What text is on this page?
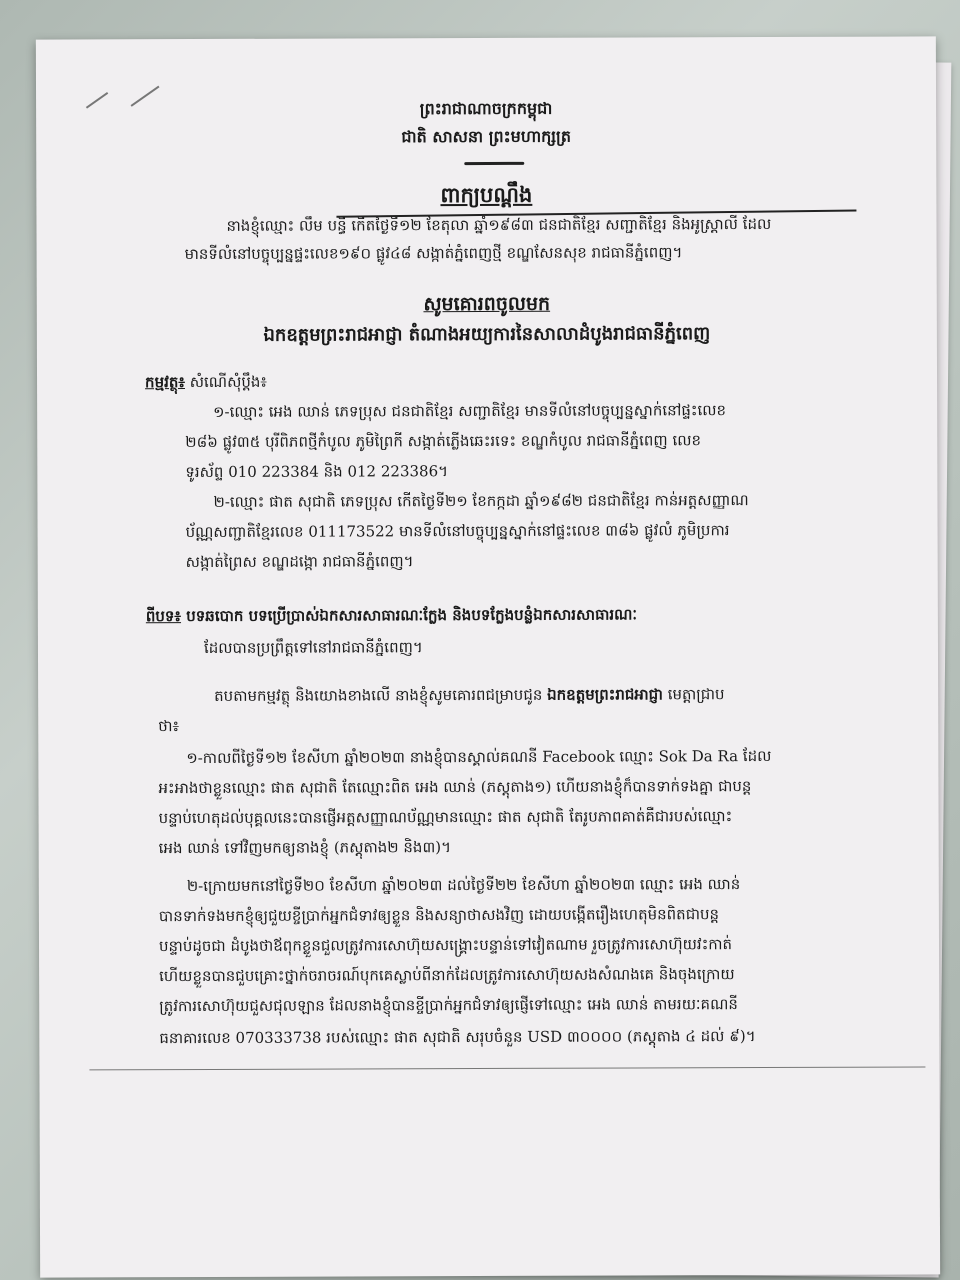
ព្រះរាជាណាចក្រកម្ពុជា
ជាតិ សាសនា ព្រះមហាក្សត្រ
ពាក្យបណ្ដឹង
នាងខ្ញុំឈ្មោះ លឹម បន្ធី កើតថ្ងៃទី១២ ខែតុលា ឆ្នាំ១៩៨៣ ជនជាតិខ្មែរ សញ្ជាតិខ្មែរ និងអូស្ត្រាលី ដែល
មានទីលំនៅបច្ចុប្បន្នផ្ទះលេខ១៩០ ផ្លូវ៤៨ សង្កាត់ភ្នំពេញថ្មី ខណ្ឌសែនសុខ រាជធានីភ្នំពេញ។
សូមគោរពចូលមក
ឯកឧត្តមព្រះរាជអាជ្ញា តំណាងអយ្យការនៃសាលាដំបូងរាជធានីភ្នំពេញ
កម្មវត្ថុ៖ សំណើសុំប្ដឹង៖
១-ឈ្មោះ អេង ឈាន់ ភេទប្រុស ជនជាតិខ្មែរ សញ្ជាតិខ្មែរ មានទីលំនៅបច្ចុប្បន្នស្នាក់នៅផ្ទះលេខ
២៨៦ ផ្លូវ៣៥ បុរីពិភពថ្មីកំបូល ភូមិព្រៃកី សង្កាត់ភ្លើងឆេះរទេះ ខណ្ឌកំបូល រាជធានីភ្នំពេញ លេខ
ទូរស័ព្ទ 010 223384 និង 012 223386។
២-ឈ្មោះ ផាត សុជាតិ ភេទប្រុស កើតថ្ងៃទី២១ ខែកក្កដា ឆ្នាំ១៩៨២ ជនជាតិខ្មែរ កាន់អត្តសញ្ញាណ
ប័ណ្ណសញ្ជាតិខ្មែរលេខ 011173522 មានទីលំនៅបច្ចុប្បន្នស្នាក់នៅផ្ទះលេខ ៣៨៦ ផ្លូវលំ ភូមិប្រការ
សង្កាត់ព្រៃស ខណ្ឌដង្កោ រាជធានីភ្នំពេញ។
ពីបទ៖ បទឆបោក បទប្រើប្រាស់ឯកសារសាធារណៈក្លែង និងបទក្លែងបន្លំឯកសារសាធារណៈ
ដែលបានប្រព្រឹត្តទៅនៅរាជធានីភ្នំពេញ។
តបតាមកម្មវត្ថុ និងយោងខាងលើ នាងខ្ញុំសូមគោរពជម្រាបជូន ឯកឧត្តមព្រះរាជអាជ្ញា មេត្តាជ្រាប
ថា៖
១-កាលពីថ្ងៃទី១២ ខែសីហា ឆ្នាំ២០២៣ នាងខ្ញុំបានស្គាល់គណនី Facebook ឈ្មោះ Sok Da Ra ដែល
អះអាងថាខ្លួនឈ្មោះ ផាត សុជាតិ តែឈ្មោះពិត អេង ឈាន់ (ភស្តុតាង១) ហើយនាងខ្ញុំក៏បានទាក់ទងគ្នា ជាបន្ត
បន្ទាប់ហេតុដល់បុគ្គលនេះបានផ្ញើអត្តសញ្ញាណប័ណ្ណមានឈ្មោះ ផាត សុជាតិ តែរូបភាពគាត់គឺជារបស់ឈ្មោះ
អេង ឈាន់ ទៅវិញមកឲ្យនាងខ្ញុំ (ភស្តុតាង២ និង៣)។
២-ក្រោយមកនៅថ្ងៃទី២០ ខែសីហា ឆ្នាំ២០២៣ ដល់ថ្ងៃទី២២ ខែសីហា ឆ្នាំ២០២៣ ឈ្មោះ អេង ឈាន់
បានទាក់ទងមកខ្ញុំឲ្យជួយខ្ចីប្រាក់អ្នកជំទាវឲ្យខ្លួន និងសន្យាថាសងវិញ ដោយបង្កើតរឿងហេតុមិនពិតជាបន្ត
បន្ទាប់ដូចជា ដំបូងថាឪពុកខ្លួនជួលត្រូវការសោហ៊ុយសង្គ្រោះបន្ទាន់ទៅវៀតណាម រួចត្រូវការសោហ៊ុយវះកាត់
ហើយខ្លួនបានជួបគ្រោះថ្នាក់ចរាចរណ៍បុកគេស្លាប់ពីនាក់ដែលត្រូវការសោហ៊ុយសងសំណងគេ និងចុងក្រោយ
ត្រូវការសោហ៊ុយជួសជុលឡាន ដែលនាងខ្ញុំបានខ្ចីប្រាក់អ្នកជំទាវឲ្យផ្ញើទៅឈ្មោះ អេង ឈាន់ តាមរយៈគណនី
ធនាគារលេខ 070333738 របស់ឈ្មោះ ផាត សុជាតិ សរុបចំនួន USD ៣០០០០ (ភស្តុតាង ៤ ដល់ ៩)។
